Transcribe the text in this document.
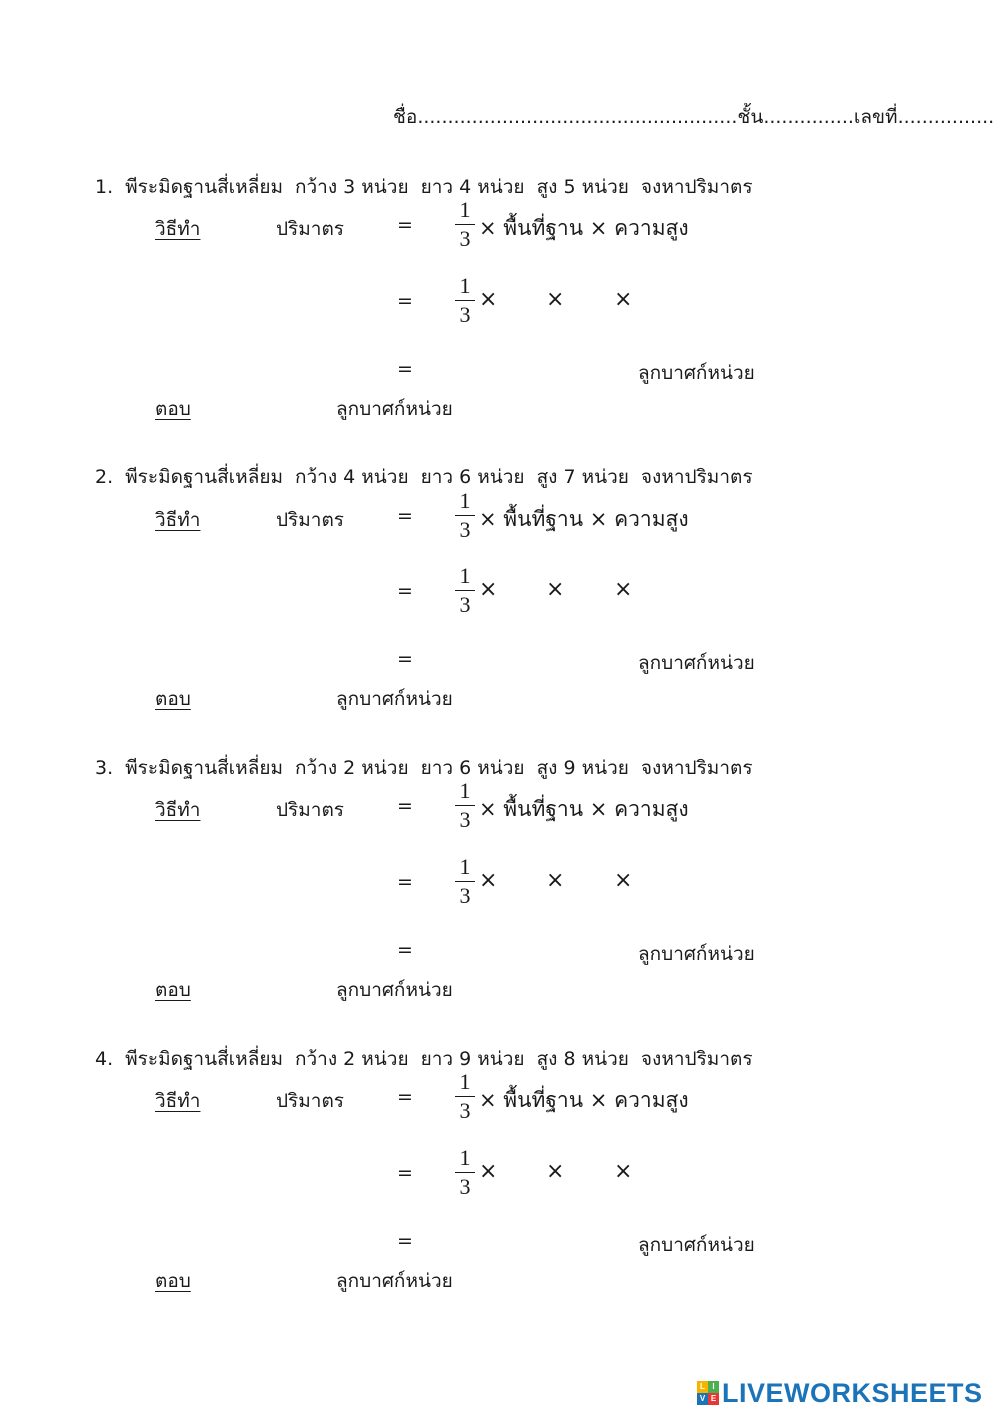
ชื่อ.....................................................ชั้น...............เลขที่................
1. พีระมิดฐานสี่เหลี่ยม กว้าง 3 หน่วย ยาว 4 หน่วย สูง 5 หน่วย จงหาปริมาตร
วิธีทำ	ปริมาตร	=
1
3 × พื้นที่ฐาน × ความสูง
=
1
3
× × ×
=	ลูกบาศก์หน่วย
ตอบ	ลูกบาศก์หน่วย
2. พีระมิดฐานสี่เหลี่ยม กว้าง 4 หน่วย ยาว 6 หน่วย สูง 7 หน่วย จงหาปริมาตร
วิธีทำ	ปริมาตร	=
1
3 × พื้นที่ฐาน × ความสูง
=
1
3
× × ×
=	ลูกบาศก์หน่วย
ตอบ	ลูกบาศก์หน่วย
3. พีระมิดฐานสี่เหลี่ยม กว้าง 2 หน่วย ยาว 6 หน่วย สูง 9 หน่วย จงหาปริมาตร
วิธีทำ	ปริมาตร	=
1
3 × พื้นที่ฐาน × ความสูง
=
1
3
× × ×
=	ลูกบาศก์หน่วย
ตอบ	ลูกบาศก์หน่วย
4. พีระมิดฐานสี่เหลี่ยม กว้าง 2 หน่วย ยาว 9 หน่วย สูง 8 หน่วย จงหาปริมาตร
วิธีทำ	ปริมาตร	=
1
3 × พื้นที่ฐาน × ความสูง
=
1
3
× × ×
=	ลูกบาศก์หน่วย
ตอบ	ลูกบาศก์หน่วย
L I
V E LIVEWORKSHEETS
